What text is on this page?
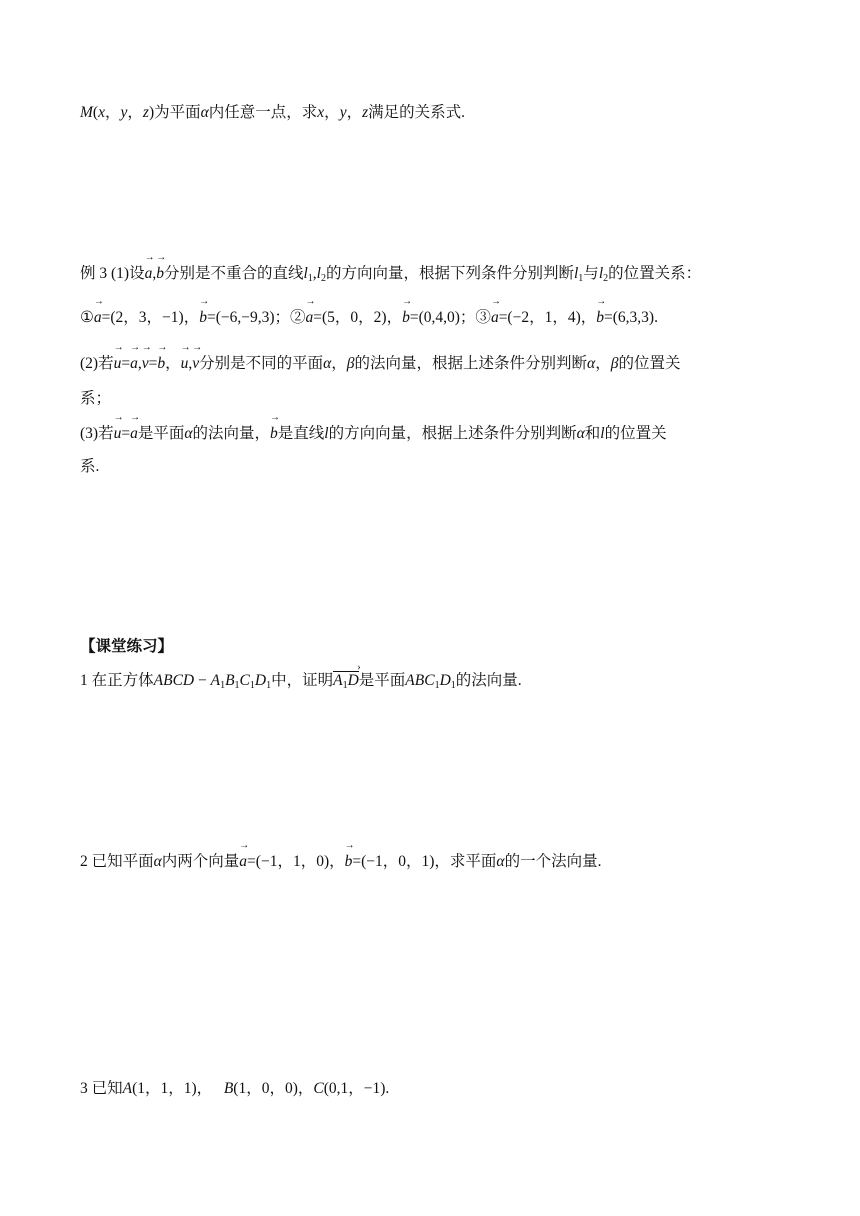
M(x，y，z)为平面α内任意一点，求x，y，z满足的关系式.
例 3 (1)设→ a,→ b分别是不重合的直线$l_1,l_2$的方向向量，根据下列条件分别判断$l_1$与$l_2$的位置关系：
①→ a=(2，3，−1)，→ b=(−6,−9,3)；②→ a=(5，0，2)，→ b=(0,4,0)；③→ a=(−2，1，4)，→ b=(6,3,3).
(2)若→ u=→ a,→ v=→ b，→ u,→ v分别是不同的平面α，β的法向量，根据上述条件分别判断α，β的位置关
系；
(3)若→ u=→ a是平面α的法向量，→ b是直线l的方向向量，根据上述条件分别判断α和l的位置关
系.
【课堂练习】
1 在正方体ABCD − $A_1B_1C_1D_1$中，证明$A_1D$ ›是平面$ABC_1D_1$的法向量.
2 已知平面α内两个向量→ a=(−1，1，0)，→ b=(−1，0，1)，求平面α的一个法向量.
3 已知A(1，1，1)，   B(1，0，0)，C(0,1，−1).
